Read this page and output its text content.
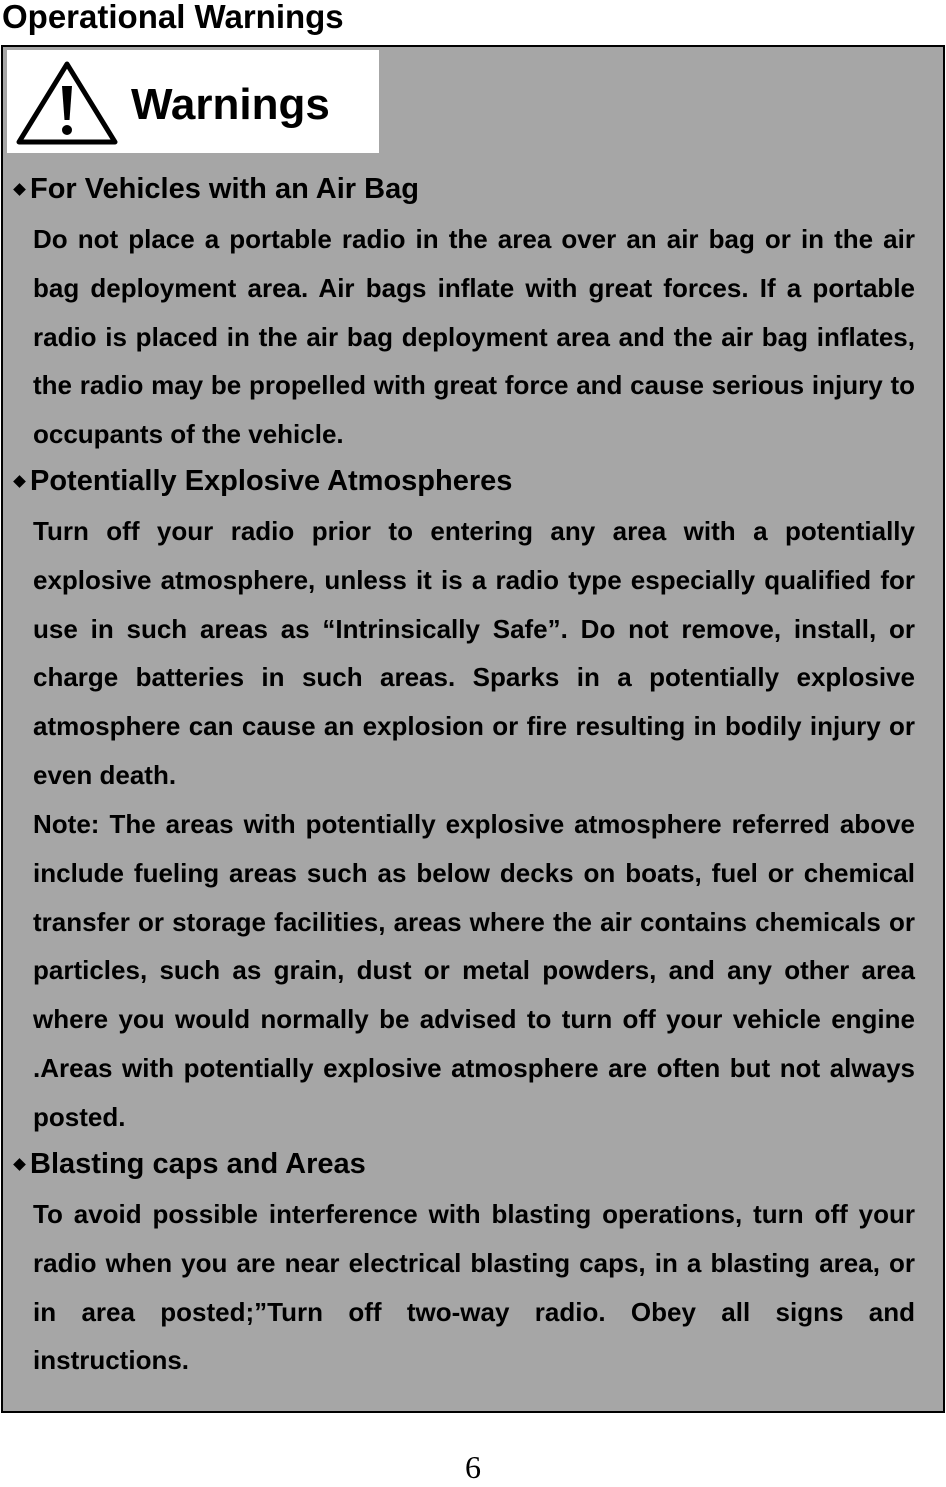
Operational Warnings
Warnings
For Vehicles with an Air Bag

Do not place a portable radio in the area over an air bag or in the air bag deployment area. Air bags inflate with great forces. If a portable radio is placed in the air bag deployment area and the air bag inflates, the radio may be propelled with great force and cause serious injury to occupants of the vehicle.

Potentially Explosive Atmospheres

Turn off your radio prior to entering any area with a potentially explosive atmosphere, unless it is a radio type especially qualified for use in such areas as “Intrinsically Safe”. Do not remove, install, or charge batteries in such areas. Sparks in a potentially explosive atmosphere can cause an explosion or fire resulting in bodily injury or even death.

Note: The areas with potentially explosive atmosphere referred above include fueling areas such as below decks on boats, fuel or chemical transfer or storage facilities, areas where the air contains chemicals or particles, such as grain, dust or metal powders, and any other area where you would normally be advised to turn off your vehicle engine .Areas with potentially explosive atmosphere are often but not always posted.

Blasting caps and Areas

To avoid possible interference with blasting operations, turn off your radio when you are near electrical blasting caps, in a blasting area, or in area posted;”Turn off two-way radio. Obey all signs and instructions.

6
